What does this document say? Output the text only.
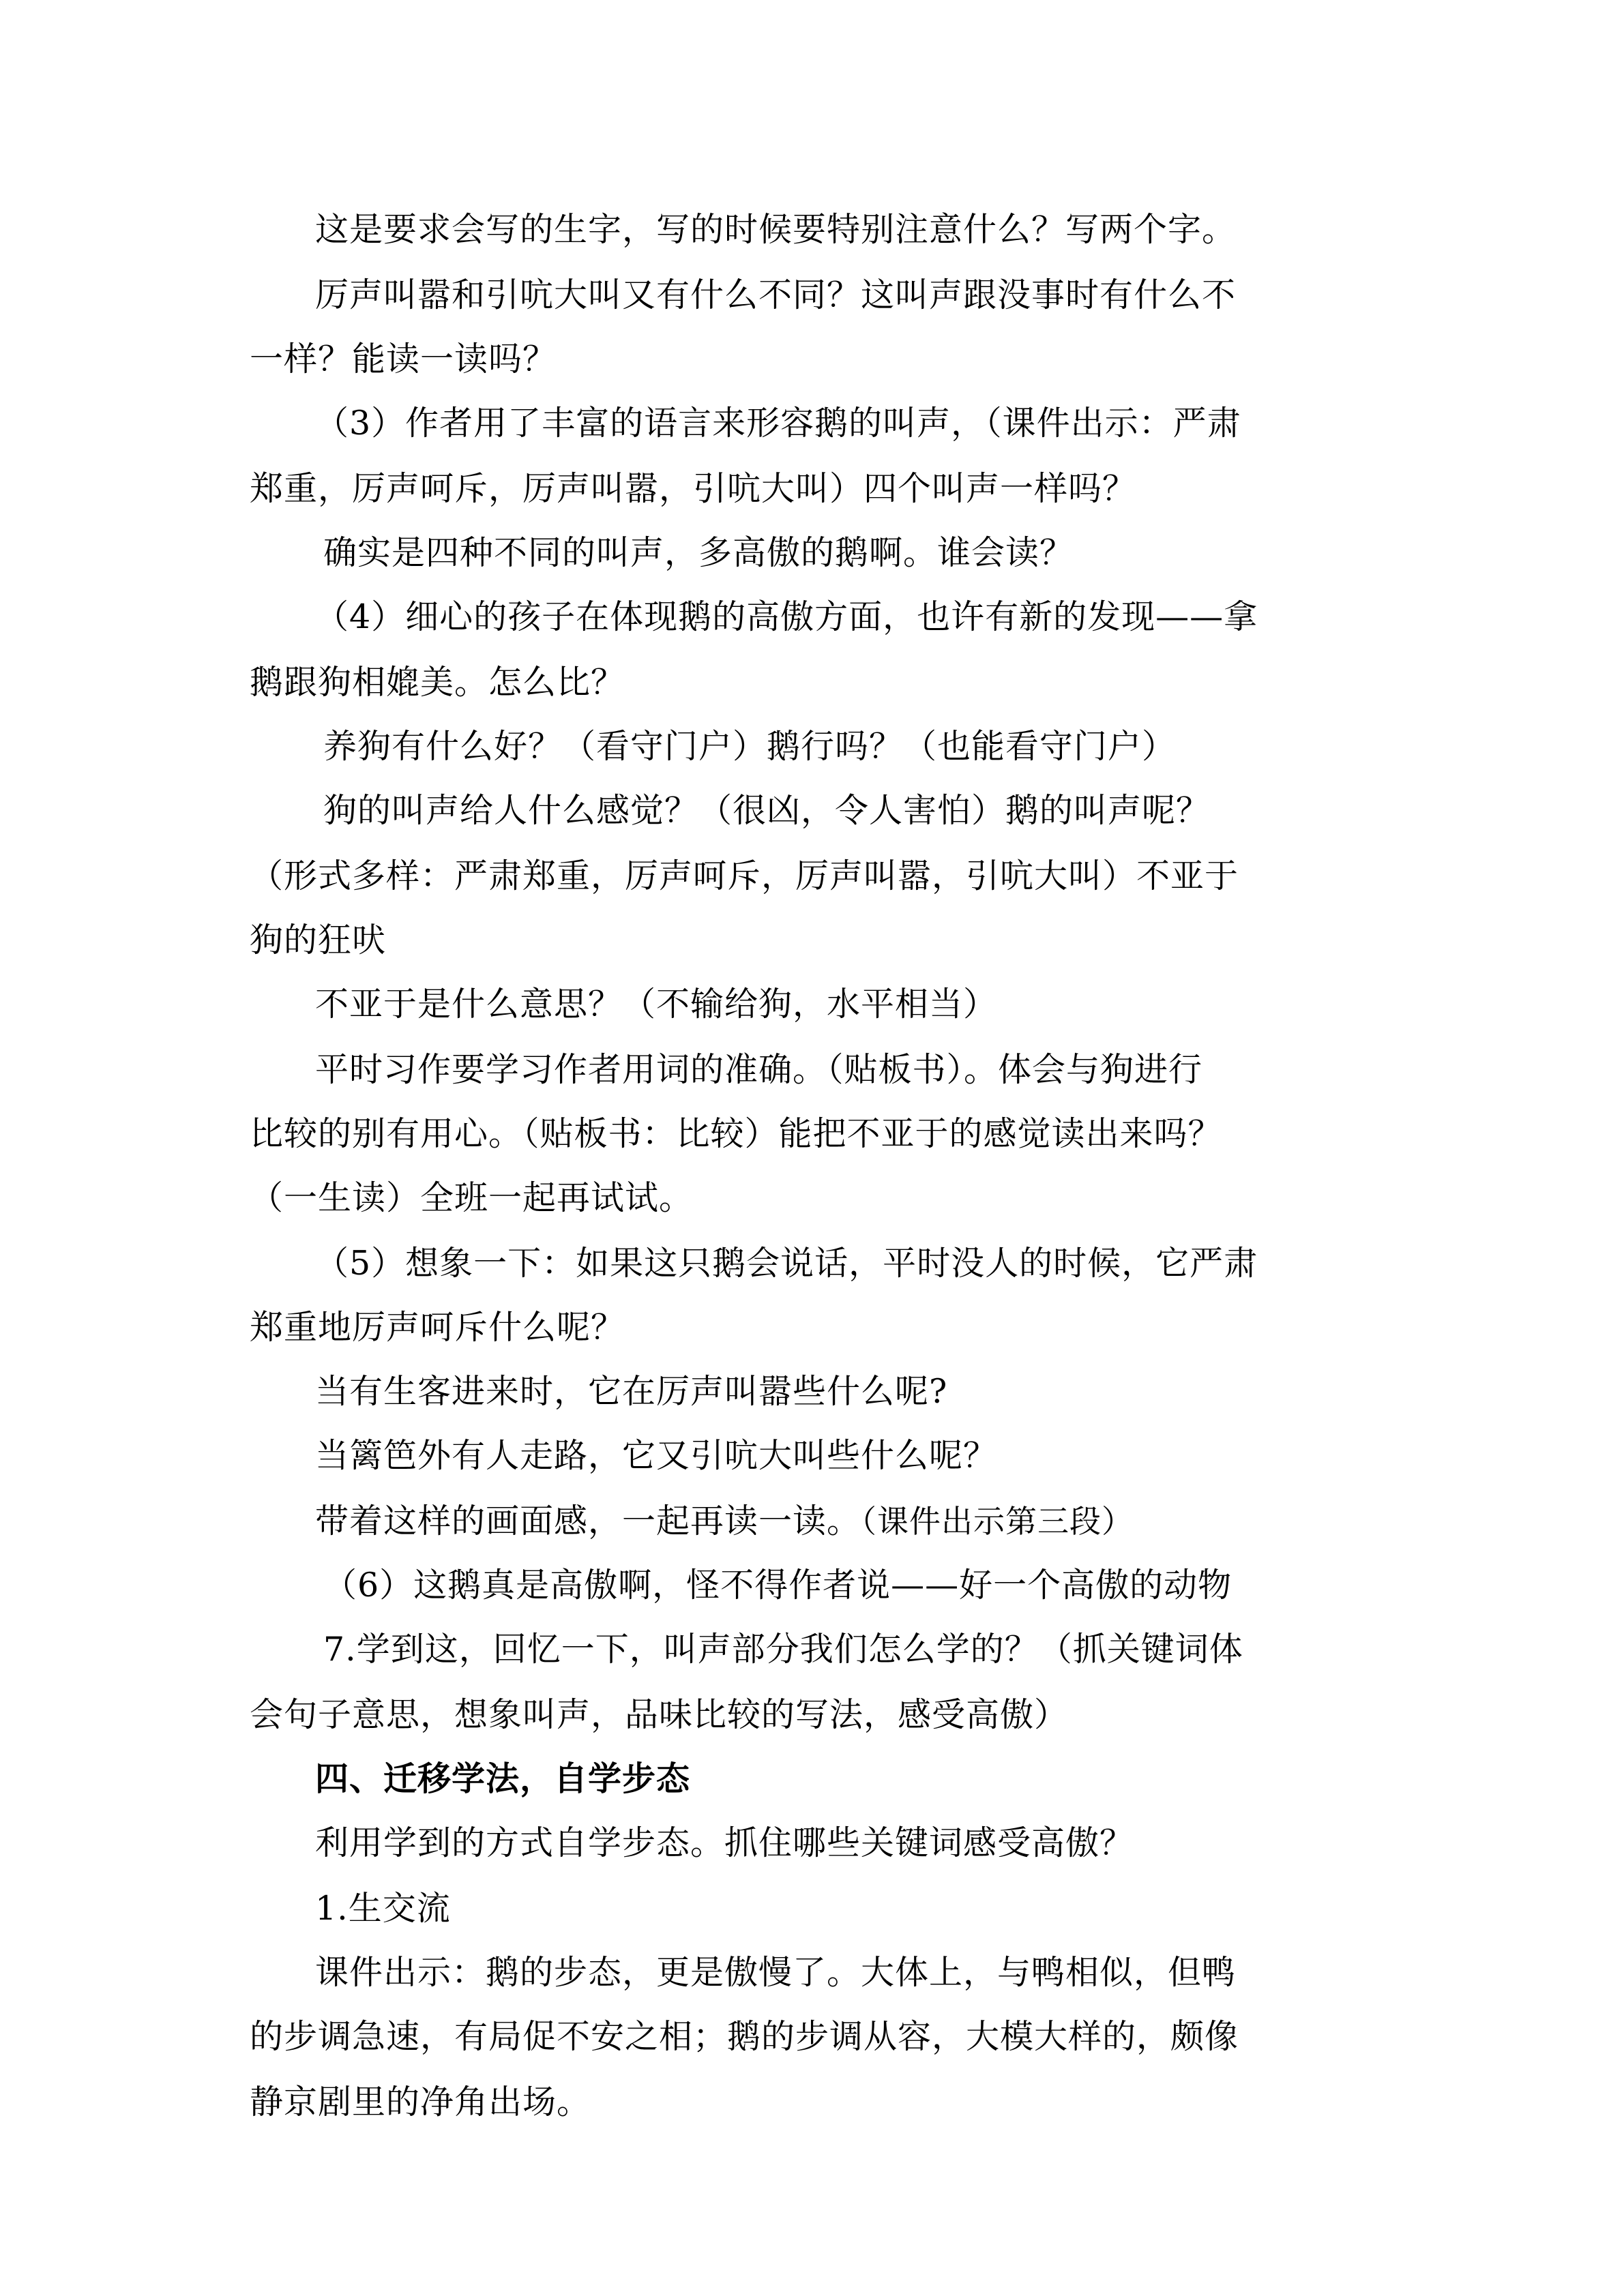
这是要求会写的生字，写的时候要特别注意什么？写两个字。
厉声叫嚣和引吭大叫又有什么不同？这叫声跟没事时有什么不
一样？能读一读吗？
（3）作者用了丰富的语言来形容鹅的叫声，（课件出示：严肃
郑重，厉声呵斥，厉声叫嚣，引吭大叫）四个叫声一样吗？
确实是四种不同的叫声，多高傲的鹅啊。谁会读？
（4）细心的孩子在体现鹅的高傲方面，也许有新的发现——拿
鹅跟狗相媲美。怎么比？
养狗有什么好？（看守门户）鹅行吗？（也能看守门户）
狗的叫声给人什么感觉？（很凶，令人害怕）鹅的叫声呢？
（形式多样：严肃郑重，厉声呵斥，厉声叫嚣，引吭大叫）不亚于
狗的狂吠
不亚于是什么意思？（不输给狗，水平相当）
平时习作要学习作者用词的准确。（贴板书）。体会与狗进行
比较的别有用心。（贴板书：比较）能把不亚于的感觉读出来吗？
（一生读）全班一起再试试。
（5）想象一下：如果这只鹅会说话，平时没人的时候，它严肃
郑重地厉声呵斥什么呢？
当有生客进来时，它在厉声叫嚣些什么呢?
当篱笆外有人走路，它又引吭大叫些什么呢？
带着这样的画面感，一起再读一读。（课件出示第三段）
（6）这鹅真是高傲啊，怪不得作者说——好一个高傲的动物
7.学到这，回忆一下，叫声部分我们怎么学的？（抓关键词体
会句子意思，想象叫声，品味比较的写法，感受高傲）
四、迁移学法，自学步态
利用学到的方式自学步态。抓住哪些关键词感受高傲？
1.生交流
课件出示：鹅的步态，更是傲慢了。大体上，与鸭相似，但鸭
的步调急速，有局促不安之相；鹅的步调从容，大模大样的，颇像
静京剧里的净角出场。
